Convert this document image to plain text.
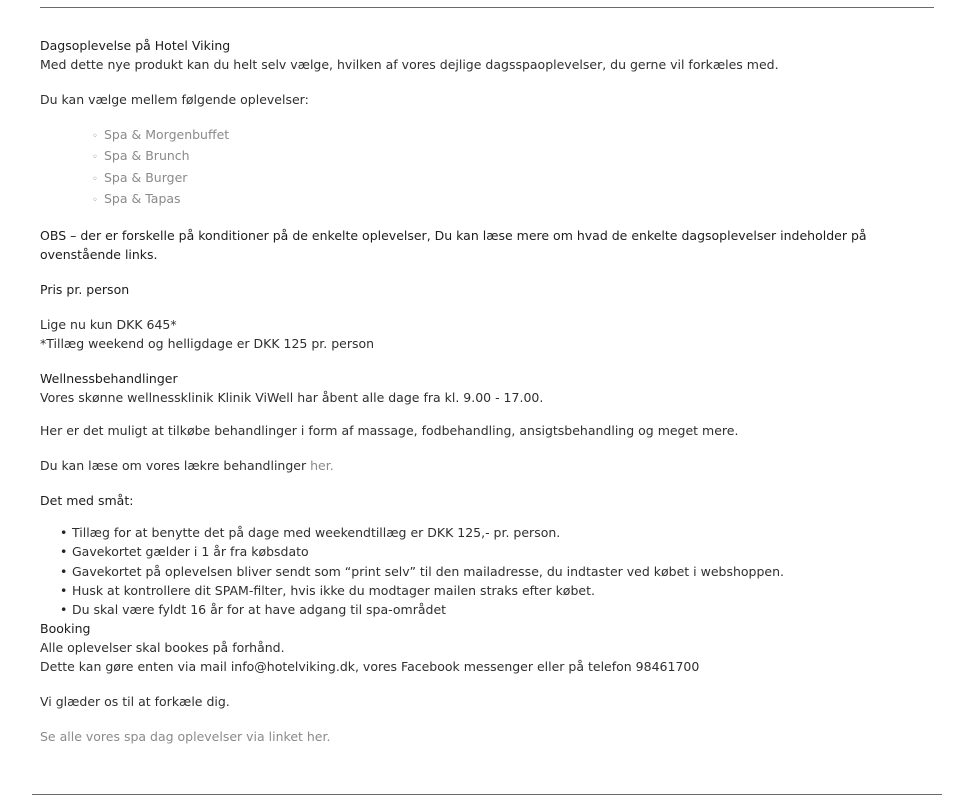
Dagsoplevelse på Hotel Viking

Med dette nye produkt kan du helt selv vælge, hvilken af vores dejlige dagsspaoplevelser, du gerne vil forkæles med.

Du kan vælge mellem følgende oplevelser:

◦ Spa & Morgenbuffet
◦ Spa & Brunch
◦ Spa & Burger
◦ Spa & Tapas

OBS – der er forskelle på konditioner på de enkelte oplevelser, Du kan læse mere om hvad de enkelte dagsoplevelser indeholder på ovenstående links.

Pris pr. person

Lige nu kun DKK 645*

*Tillæg weekend og helligdage er DKK 125 pr. person

Wellnessbehandlinger

Vores skønne wellnessklinik Klinik ViWell har åbent alle dage fra kl. 9.00 - 17.00.

Her er det muligt at tilkøbe behandlinger i form af massage, fodbehandling, ansigtsbehandling og meget mere.

Du kan læse om vores lækre behandlinger her.

Det med småt:

• Tillæg for at benytte det på dage med weekendtillæg er DKK 125,- pr. person.
• Gavekortet gælder i 1 år fra købsdato
• Gavekortet på oplevelsen bliver sendt som “print selv” til den mailadresse, du indtaster ved købet i webshoppen.
• Husk at kontrollere dit SPAM-filter, hvis ikke du modtager mailen straks efter købet.
• Du skal være fyldt 16 år for at have adgang til spa-området

Booking

Alle oplevelser skal bookes på forhånd.

Dette kan gøre enten via mail info@hotelviking.dk, vores Facebook messenger eller på telefon 98461700

Vi glæder os til at forkæle dig.

Se alle vores spa dag oplevelser via linket her.
